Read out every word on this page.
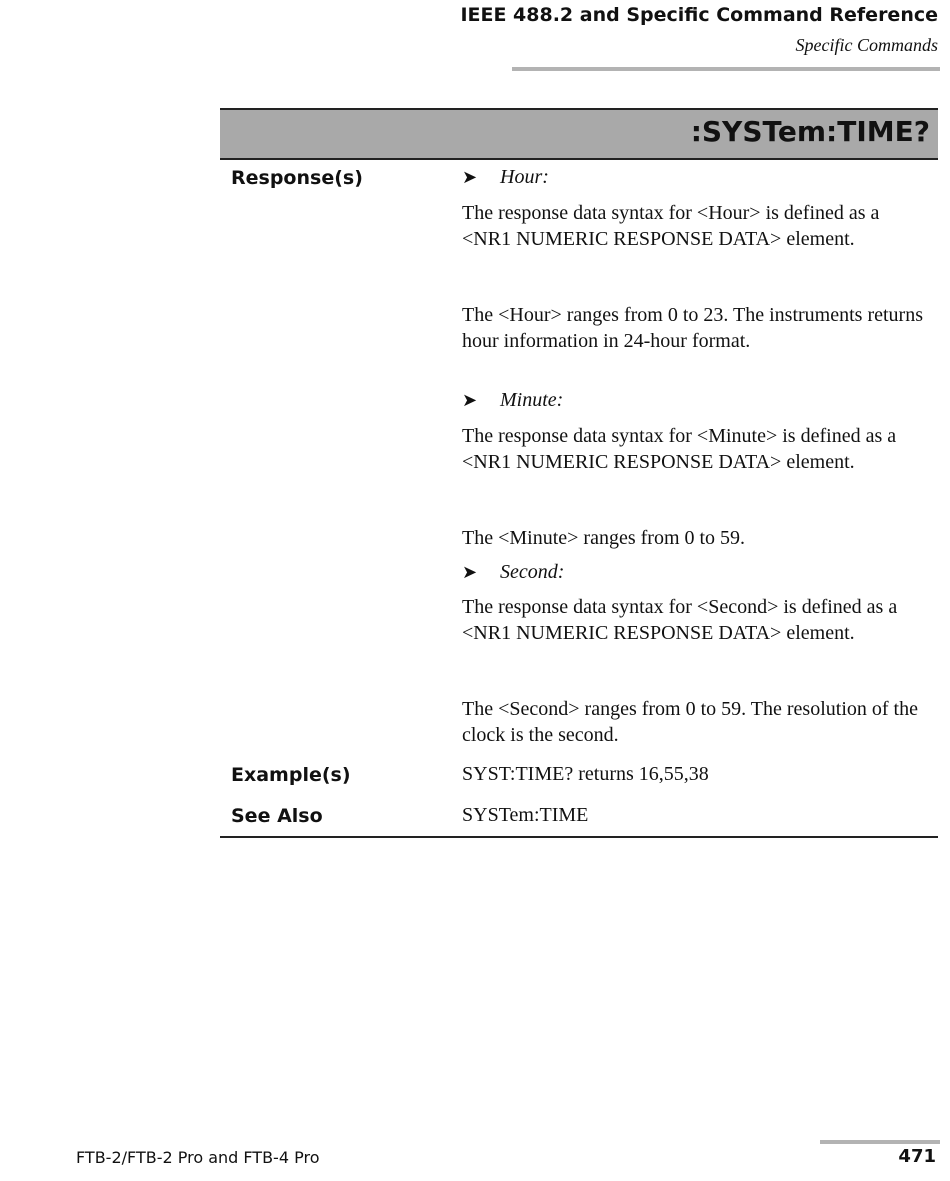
IEEE 488.2 and Specific Command Reference
Specific Commands
:SYSTem:TIME?
Response(s)	➤ Hour:
The response data syntax for <Hour> is defined as a <NR1 NUMERIC RESPONSE DATA> element.
The <Hour> ranges from 0 to 23. The instruments returns hour information in 24-hour format.
➤ Minute:
The response data syntax for <Minute> is defined as a <NR1 NUMERIC RESPONSE DATA> element.
The <Minute> ranges from 0 to 59.
➤ Second:
The response data syntax for <Second> is defined as a <NR1 NUMERIC RESPONSE DATA> element.
The <Second> ranges from 0 to 59. The resolution of the clock is the second.
Example(s)	SYST:TIME? returns 16,55,38
See Also	SYSTem:TIME
FTB-2/FTB-2 Pro and FTB-4 Pro	471
